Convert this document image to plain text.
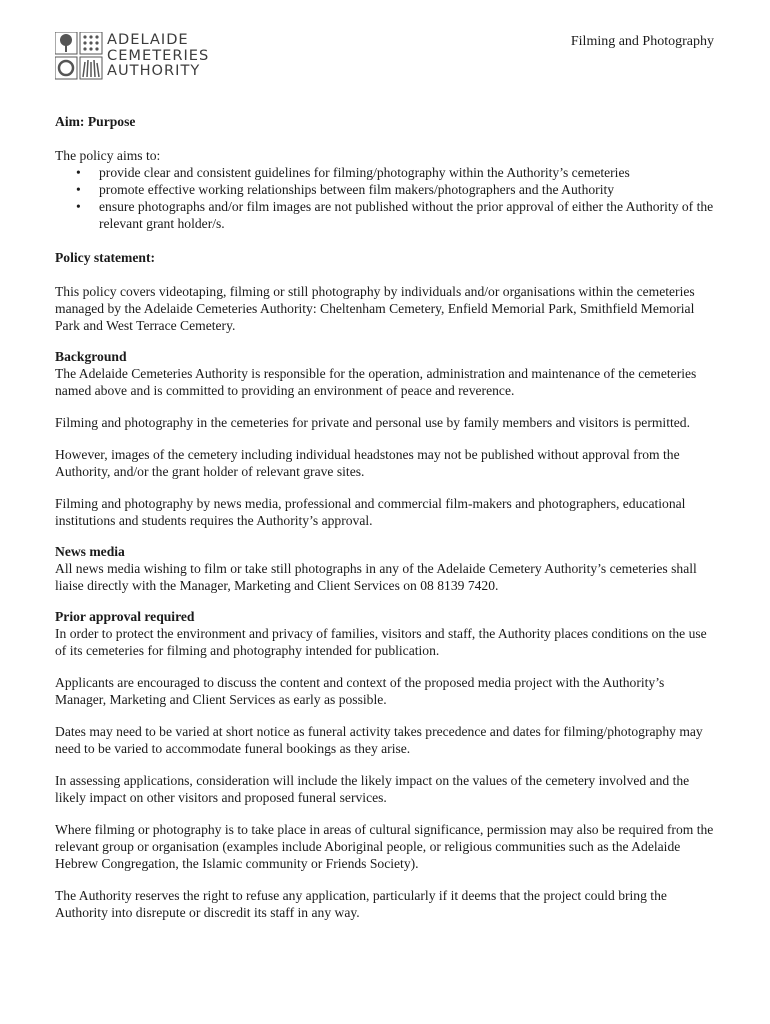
ADELAIDE
CEMETERIES
AUTHORITY
Filming and Photography

Aim: Purpose

The policy aims to:
• provide clear and consistent guidelines for filming/photography within the Authority’s cemeteries
• promote effective working relationships between film makers/photographers and the Authority
• ensure photographs and/or film images are not published without the prior approval of either the Authority of the relevant grant holder/s.

Policy statement:

This policy covers videotaping, filming or still photography by individuals and/or organisations within the cemeteries managed by the Adelaide Cemeteries Authority: Cheltenham Cemetery, Enfield Memorial Park, Smithfield Memorial Park and West Terrace Cemetery.

Background

The Adelaide Cemeteries Authority is responsible for the operation, administration and maintenance of the cemeteries named above and is committed to providing an environment of peace and reverence.

Filming and photography in the cemeteries for private and personal use by family members and visitors is permitted.

However, images of the cemetery including individual headstones may not be published without approval from the Authority, and/or the grant holder of relevant grave sites.

Filming and photography by news media, professional and commercial film-makers and photographers, educational institutions and students requires the Authority’s approval.

News media

All news media wishing to film or take still photographs in any of the Adelaide Cemetery Authority’s cemeteries shall liaise directly with the Manager, Marketing and Client Services on 08 8139 7420.

Prior approval required

In order to protect the environment and privacy of families, visitors and staff, the Authority places conditions on the use of its cemeteries for filming and photography intended for publication.

Applicants are encouraged to discuss the content and context of the proposed media project with the Authority’s Manager, Marketing and Client Services as early as possible.

Dates may need to be varied at short notice as funeral activity takes precedence and dates for filming/photography may need to be varied to accommodate funeral bookings as they arise.

In assessing applications, consideration will include the likely impact on the values of the cemetery involved and the likely impact on other visitors and proposed funeral services.

Where filming or photography is to take place in areas of cultural significance, permission may also be required from the relevant group or organisation (examples include Aboriginal people, or religious communities such as the Adelaide Hebrew Congregation, the Islamic community or Friends Society).

The Authority reserves the right to refuse any application, particularly if it deems that the project could bring the Authority into disrepute or discredit its staff in any way.
